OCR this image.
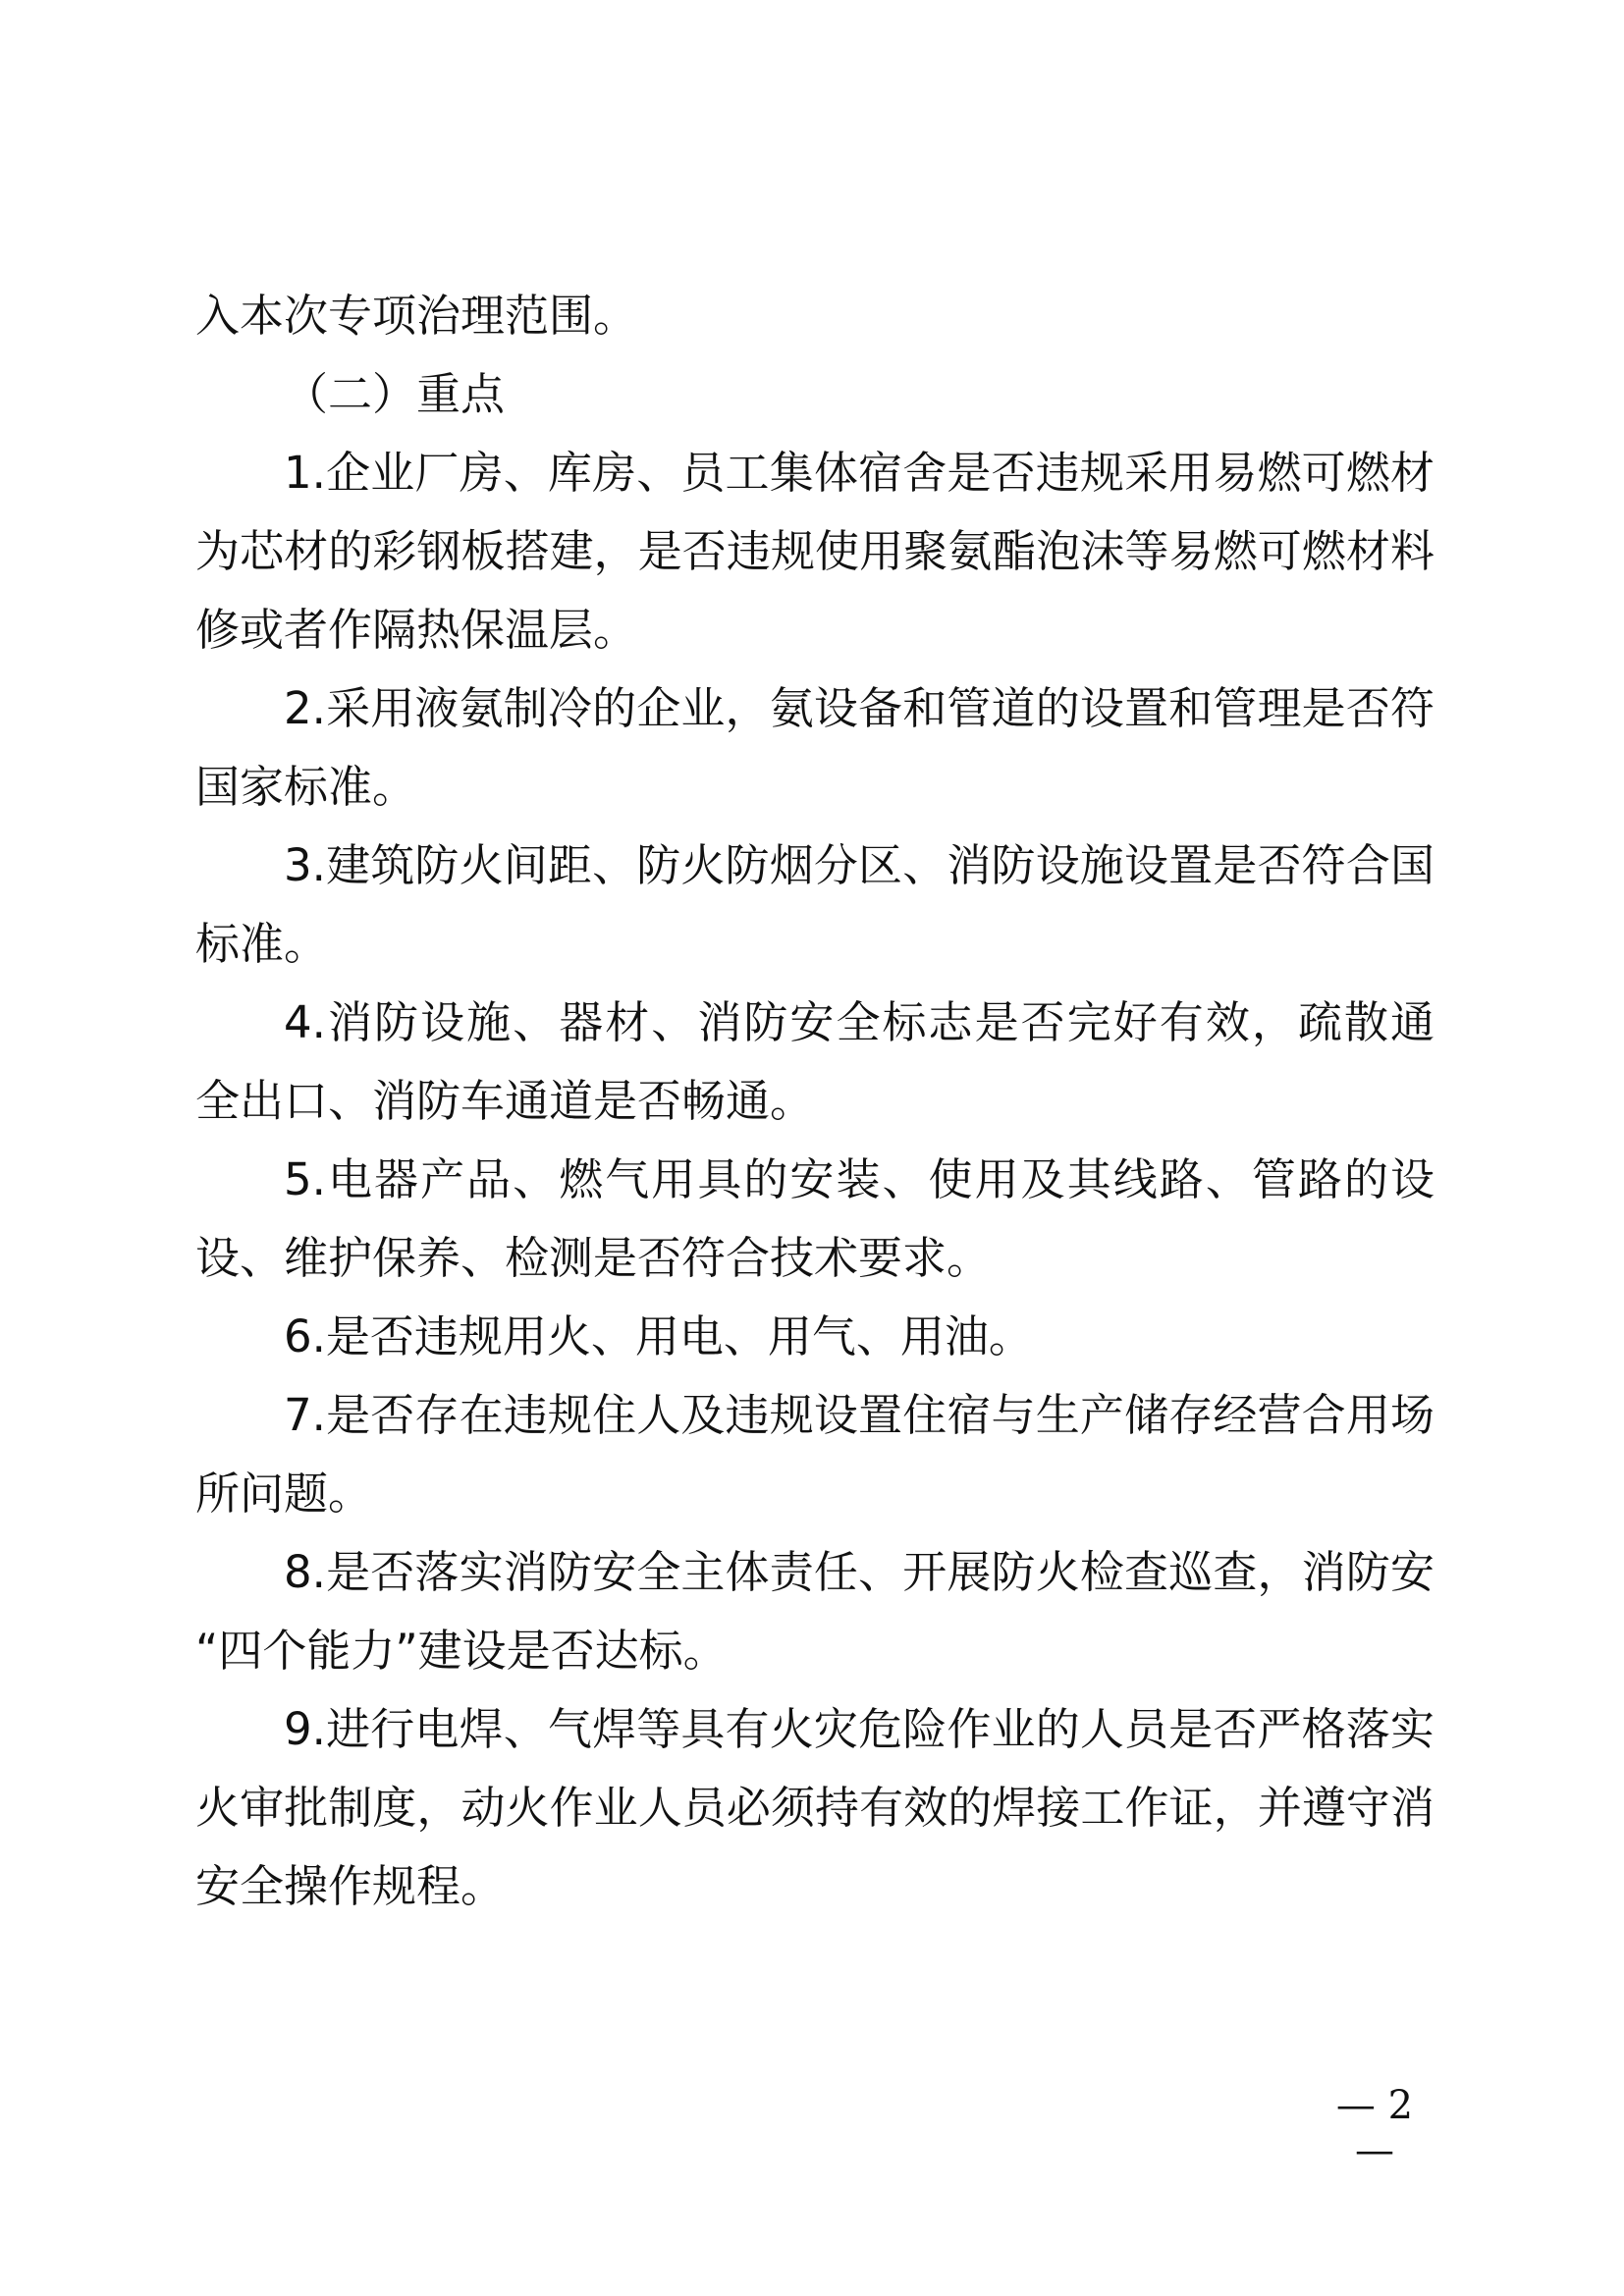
入本次专项治理范围。
（二）重点
1.企业厂房、库房、员工集体宿舍是否违规采用易燃可燃材
为芯材的彩钢板搭建，是否违规使用聚氨酯泡沫等易燃可燃材料
修或者作隔热保温层。
2.采用液氨制冷的企业，氨设备和管道的设置和管理是否符
国家标准。
3.建筑防火间距、防火防烟分区、消防设施设置是否符合国
标准。
4.消防设施、器材、消防安全标志是否完好有效，疏散通
全出口、消防车通道是否畅通。
5.电器产品、燃气用具的安装、使用及其线路、管路的设
设、维护保养、检测是否符合技术要求。
6.是否违规用火、用电、用气、用油。
7.是否存在违规住人及违规设置住宿与生产储存经营合用场
所问题。
8.是否落实消防安全主体责任、开展防火检查巡查，消防安
“四个能力”建设是否达标。
9.进行电焊、气焊等具有火灾危险作业的人员是否严格落实
火审批制度，动火作业人员必须持有效的焊接工作证，并遵守消
安全操作规程。
— 2 —
